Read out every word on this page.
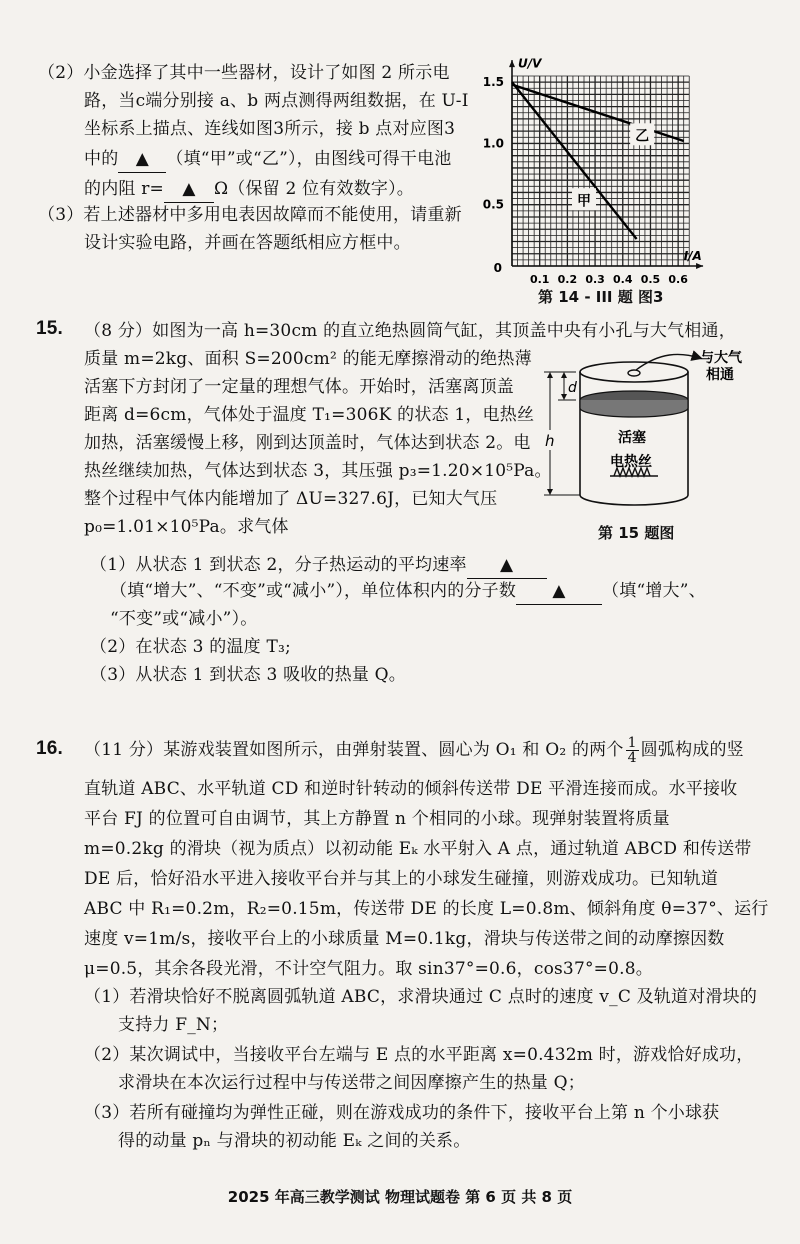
（2）小金选择了其中一些器材，设计了如图 2 所示电
路，当c端分别接 a、b 两点测得两组数据，在 U-I
坐标系上描点、连线如图3所示，接 b 点对应图3
中的 ▲ （填“甲”或“乙”），由图线可得干电池
的内阻 r= ▲ Ω（保留 2 位有效数字）。
（3）若上述器材中多用电表因故障而不能使用，请重新
设计实验电路，并画在答题纸相应方框中。
甲
乙
0.1 0.2 0.3 0.4 0.5 0.6
0.5
1.0
1.5
0
I/A
U/V
第 14 - III 题 图3
15. （8 分）如图为一高 h=30cm 的直立绝热圆筒气缸，其顶盖中央有小孔与大气相通，
质量 m=2kg、面积 S=200cm² 的能无摩擦滑动的绝热薄
活塞下方封闭了一定量的理想气体。开始时，活塞离顶盖
距离 d=6cm，气体处于温度 T₁=306K 的状态 1，电热丝
加热，活塞缓慢上移，刚到达顶盖时，气体达到状态 2。电
热丝继续加热，气体达到状态 3，其压强 p₃=1.20×10⁵Pa。
整个过程中气体内能增加了 ΔU=327.6J，已知大气压
p₀=1.01×10⁵Pa。求气体
d
h
与大气
相通
活塞
电热丝
第 15 题图
（1）从状态 1 到状态 2，分子热运动的平均速率 ▲
（填“增大”、“不变”或“减小”），单位体积内的分子数 ▲ （填“增大”、
“不变”或“减小”）。
（2）在状态 3 的温度 T₃;
（3）从状态 1 到状态 3 吸收的热量 Q。
16. （11 分）某游戏装置如图所示，由弹射装置、圆心为 O₁ 和 O₂ 的两个 $\frac{1}{4}$ 圆弧构成的竖
直轨道 ABC、水平轨道 CD 和逆时针转动的倾斜传送带 DE 平滑连接而成。水平接收
平台 FJ 的位置可自由调节，其上方静置 n 个相同的小球。现弹射装置将质量
m=0.2kg 的滑块（视为质点）以初动能 Eₖ 水平射入 A 点，通过轨道 ABCD 和传送带
DE 后，恰好沿水平进入接收平台并与其上的小球发生碰撞，则游戏成功。已知轨道
ABC 中 R₁=0.2m，R₂=0.15m，传送带 DE 的长度 L=0.8m、倾斜角度 θ=37°、运行
速度 v=1m/s，接收平台上的小球质量 M=0.1kg，滑块与传送带之间的动摩擦因数
μ=0.5，其余各段光滑，不计空气阻力。取 sin37°=0.6，cos37°=0.8。
（1）若滑块恰好不脱离圆弧轨道 ABC，求滑块通过 C 点时的速度 v_C 及轨道对滑块的
支持力 F_N；
（2）某次调试中，当接收平台左端与 E 点的水平距离 x=0.432m 时，游戏恰好成功，
求滑块在本次运行过程中与传送带之间因摩擦产生的热量 Q；
（3）若所有碰撞均为弹性正碰，则在游戏成功的条件下，接收平台上第 n 个小球获
得的动量 pₙ 与滑块的初动能 Eₖ 之间的关系。
2025 年高三教学测试 物理试题卷 第 6 页 共 8 页
